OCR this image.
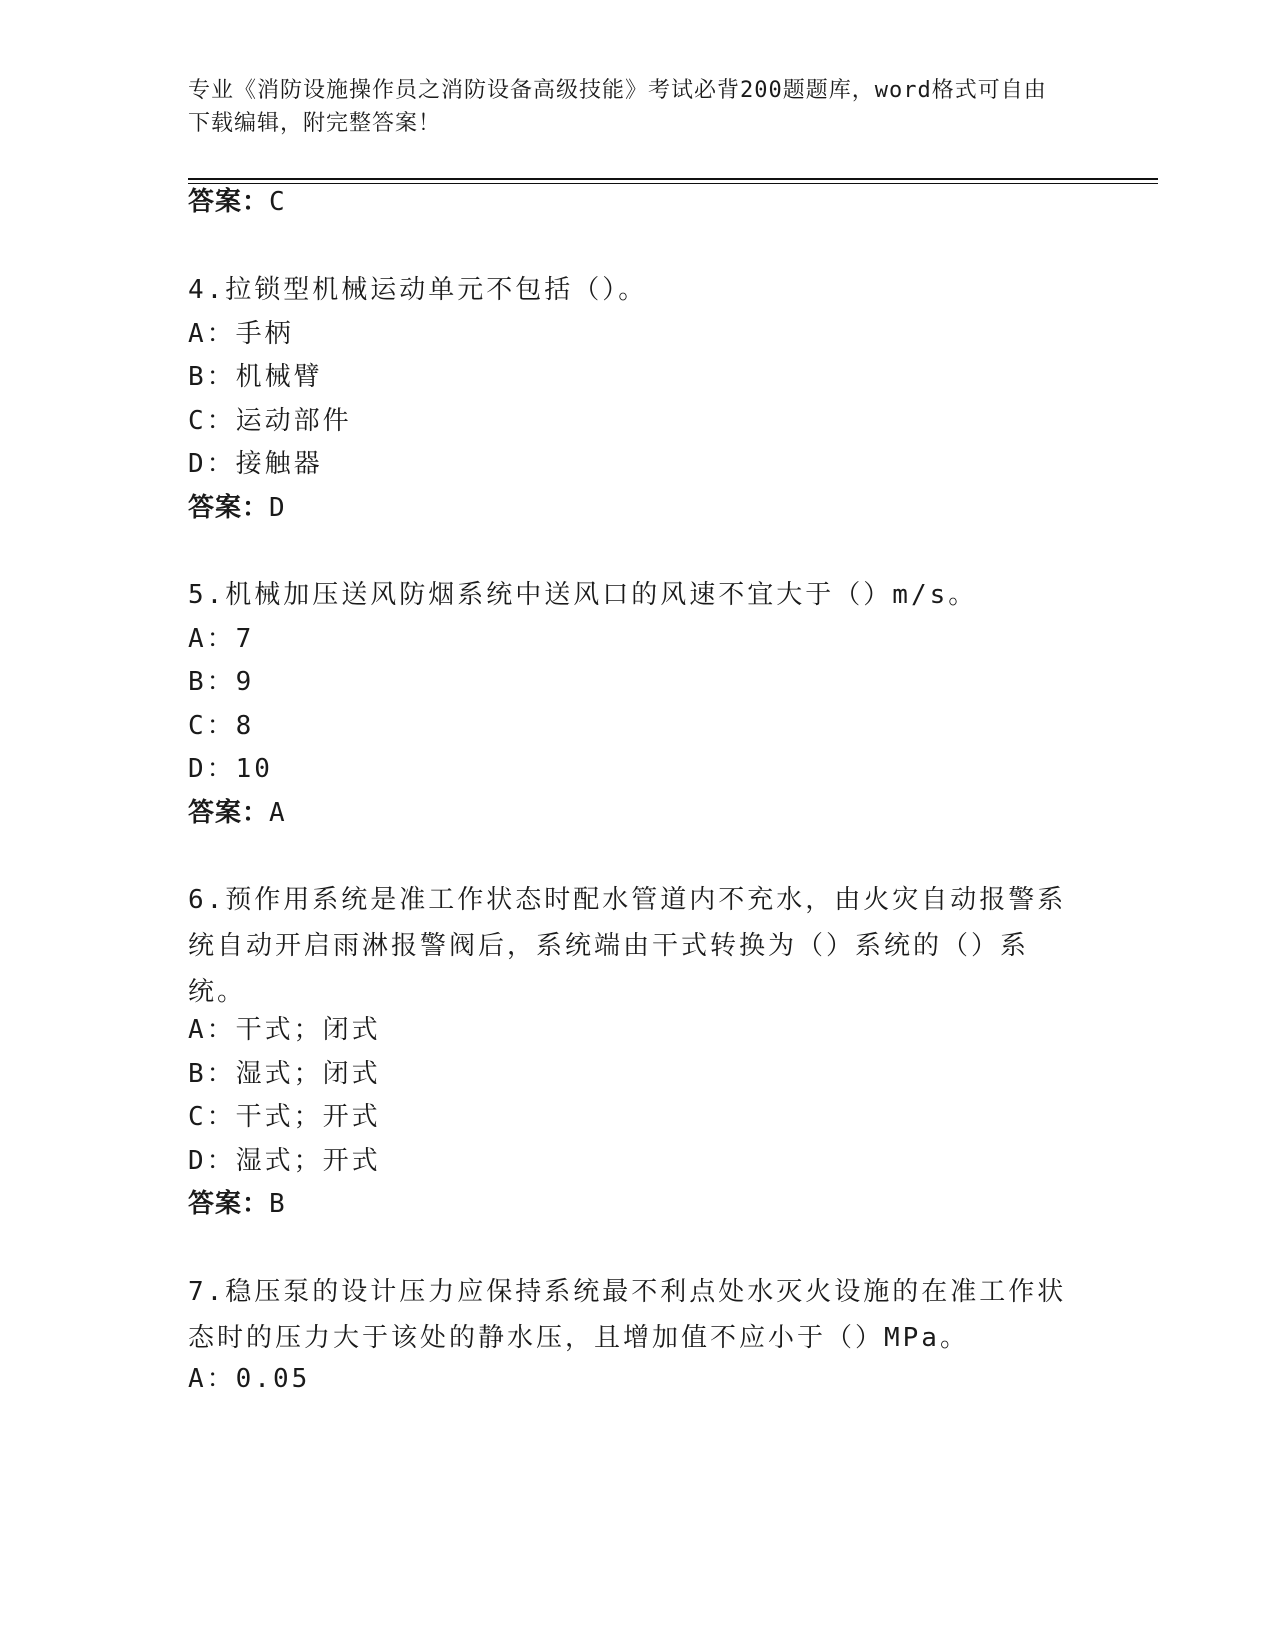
专业《消防设施操作员之消防设备高级技能》考试必背200题题库，word格式可自由下载编辑，附完整答案！
答案：C
4.拉锁型机械运动单元不包括（）。
A：手柄
B：机械臂
C：运动部件
D：接触器
答案：D
5.机械加压送风防烟系统中送风口的风速不宜大于（）m/s。
A：7
B：9
C：8
D：10
答案：A
6.预作用系统是准工作状态时配水管道内不充水，由火灾自动报警系统自动开启雨淋报警阀后，系统端由干式转换为（）系统的（）系统。
A：干式；闭式
B：湿式；闭式
C：干式；开式
D：湿式；开式
答案：B
7.稳压泵的设计压力应保持系统最不利点处水灭火设施的在准工作状态时的压力大于该处的静水压，且增加值不应小于（）MPa。
A：0.05
